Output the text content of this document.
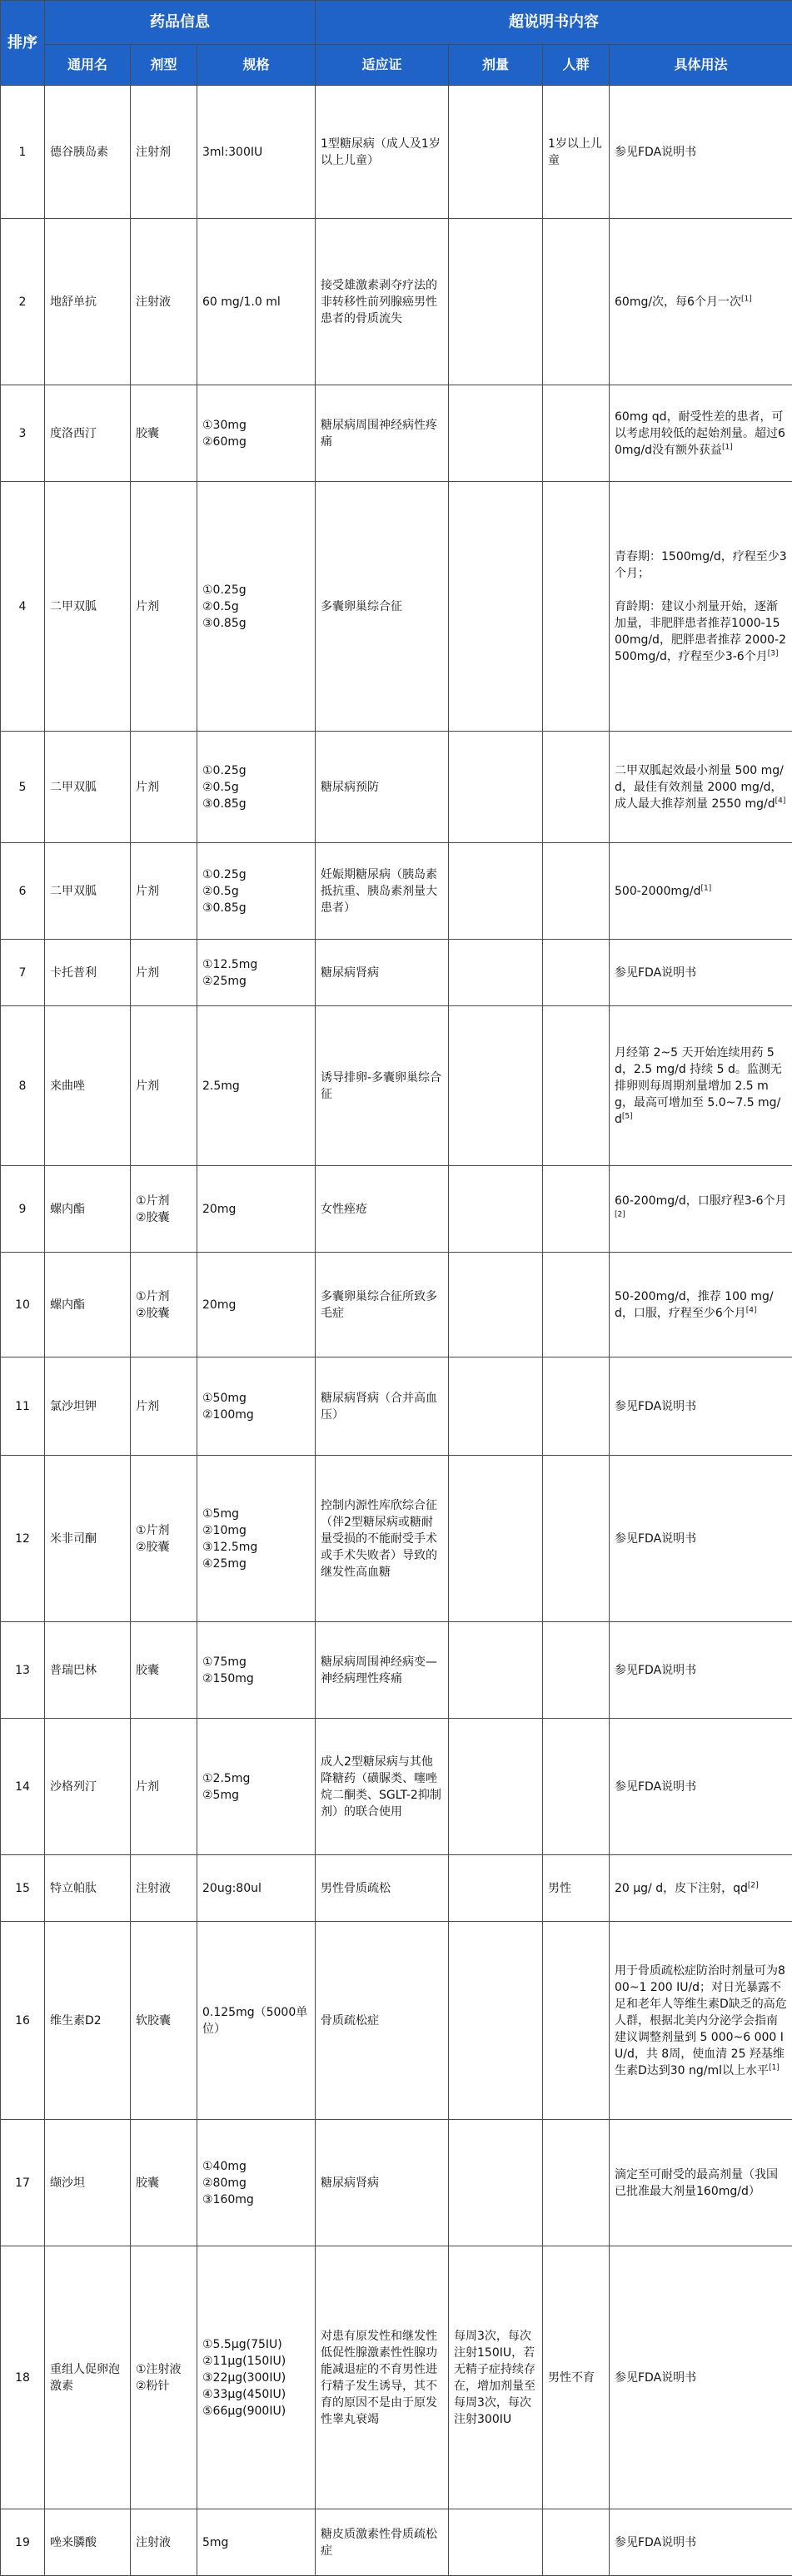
排序	药品信息			超说明书内容			
	通用名	剂型	规格	适应证	剂量	人群	具体用法
1	德谷胰岛素	注射剂	3ml:300IU	1型糖尿病（成人及1岁以上儿童）		1岁以上儿童	参见FDA说明书
2	地舒单抗	注射液	60 mg/1.0 ml	接受雄激素剥夺疗法的非转移性前列腺癌男性患者的骨质流失			60mg/次，每6个月一次[1]
3	度洛西汀	胶囊	①30mg
②60mg	糖尿病周围神经病性疼痛			60mg qd，耐受性差的患者，可以考虑用较低的起始剂量。超过60mg/d没有额外获益[1]
4	二甲双胍	片剂	①0.25g
②0.5g
③0.85g	多囊卵巢综合征			青春期：1500mg/d，疗程至少3个月；

育龄期：建议小剂量开始，逐渐加量，非肥胖患者推荐1000-1500mg/d，肥胖患者推荐 2000-2500mg/d，疗程至少3-6个月[3]
5	二甲双胍	片剂	①0.25g
②0.5g
③0.85g	糖尿病预防			二甲双胍起效最小剂量 500 mg/d，最佳有效剂量 2000 mg/d，成人最大推荐剂量 2550 mg/d[4]
6	二甲双胍	片剂	①0.25g
②0.5g
③0.85g	妊娠期糖尿病（胰岛素抵抗重、胰岛素剂量大患者）			500-2000mg/d[1]
7	卡托普利	片剂	①12.5mg
②25mg	糖尿病肾病			参见FDA说明书
8	来曲唑	片剂	2.5mg	诱导排卵-多囊卵巢综合征			月经第 2~5 天开始连续用药 5 d，2.5 mg/d 持续 5 d。监测无排卵则每周期剂量增加 2.5 mg，最高可增加至 5.0~7.5 mg/d[5]
9	螺内酯	①片剂
②胶囊	20mg	女性痤疮			60-200mg/d，口服疗程3-6个月[2]
10	螺内酯	①片剂
②胶囊	20mg	多囊卵巢综合征所致多毛症			50-200mg/d，推荐 100 mg/d，口服，疗程至少6个月[4]
11	氯沙坦钾	片剂	①50mg
②100mg	糖尿病肾病（合并高血压）			参见FDA说明书
12	米非司酮	①片剂
②胶囊	①5mg
②10mg
③12.5mg
④25mg	控制内源性库欣综合征（伴2型糖尿病或糖耐量受损的不能耐受手术或手术失败者）导致的继发性高血糖			参见FDA说明书
13	普瑞巴林	胶囊	①75mg
②150mg	糖尿病周围神经病变—神经病理性疼痛			参见FDA说明书
14	沙格列汀	片剂	①2.5mg
②5mg	成人2型糖尿病与其他降糖药（磺脲类、噻唑烷二酮类、SGLT-2抑制剂）的联合使用			参见FDA说明书
15	特立帕肽	注射液	20ug:80ul	男性骨质疏松		男性	20 μg/ d，皮下注射，qd[2]
16	维生素D2	软胶囊	0.125mg（5000单位）	骨质疏松症			用于骨质疏松症防治时剂量可为800~1 200 IU/d；对日光暴露不足和老年人等维生素D缺乏的高危人群，根据北美内分泌学会指南建议调整剂量到 5 000~6 000 IU/d，共 8周，使血清 25 羟基维生素D达到30 ng/ml以上水平[1]
17	缬沙坦	胶囊	①40mg
②80mg
③160mg	糖尿病肾病			滴定至可耐受的最高剂量（我国已批准最大剂量160mg/d）
18	重组人促卵泡激素	①注射液
②粉针	①5.5μg(75IU)
②11μg(150IU)
③22μg(300IU)
④33μg(450IU)
⑤66μg(900IU)	对患有原发性和继发性低促性腺激素性性腺功能减退症的不育男性进行精子发生诱导，其不育的原因不是由于原发性睾丸衰竭	每周3次，每次注射150IU，若无精子症持续存在，增加剂量至每周3次，每次注射300IU	男性不育	参见FDA说明书
19	唑来膦酸	注射液	5mg	糖皮质激素性骨质疏松症			参见FDA说明书
